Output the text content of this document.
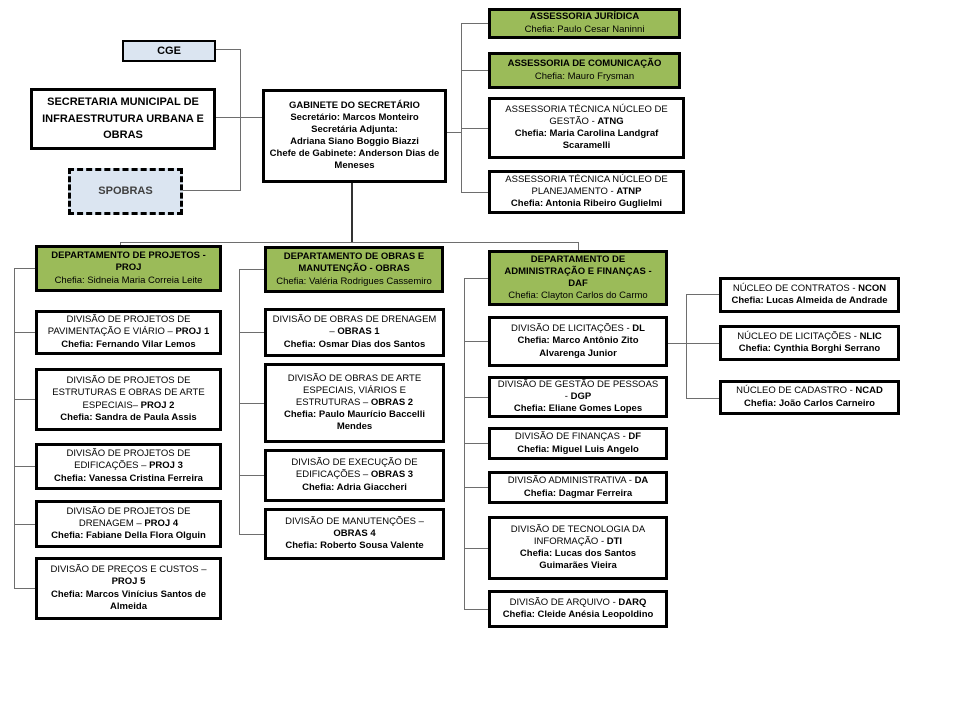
CGE
SECRETARIA MUNICIPAL DE INFRAESTRUTURA URBANA E OBRAS
SPOBRAS
GABINETE DO SECRETÁRIO
Secretário: Marcos Monteiro
Secretária Adjunta:
Adriana Siano Boggio Biazzi
Chefe de Gabinete: Anderson Dias de Meneses
ASSESSORIA JURÍDICA
Chefia: Paulo Cesar Naninni
ASSESSORIA DE COMUNICAÇÃO
Chefia: Mauro Frysman
ASSESSORIA TÉCNICA NÚCLEO DE GESTÃO - ATNG
Chefia: Maria Carolina Landgraf Scaramelli
ASSESSORIA TÉCNICA NÚCLEO DE PLANEJAMENTO - ATNP
Chefia: Antonia Ribeiro Guglielmi
DEPARTAMENTO DE PROJETOS - PROJ
Chefia: Sidneia Maria Correia Leite
DEPARTAMENTO DE OBRAS E MANUTENÇÃO - OBRAS
Chefia: Valéria Rodrigues Cassemiro
DEPARTAMENTO DE ADMINISTRAÇÃO E FINANÇAS - DAF
Chefia: Clayton Carlos do Carmo
DIVISÃO DE PROJETOS DE PAVIMENTAÇÃO E VIÁRIO – PROJ 1
Chefia: Fernando Vilar Lemos
DIVISÃO DE PROJETOS DE ESTRUTURAS E OBRAS DE ARTE ESPECIAIS– PROJ 2
Chefia: Sandra de Paula Assis
DIVISÃO DE PROJETOS DE EDIFICAÇÕES – PROJ 3
Chefia: Vanessa Cristina Ferreira
DIVISÃO DE PROJETOS DE DRENAGEM – PROJ 4
Chefia: Fabiane Della Flora Olguin
DIVISÃO DE PREÇOS E CUSTOS – PROJ 5
Chefia: Marcos Vinícius Santos de Almeida
DIVISÃO DE OBRAS DE DRENAGEM – OBRAS 1
Chefia: Osmar Dias dos Santos
DIVISÃO DE OBRAS DE ARTE ESPECIAIS, VIÁRIOS E ESTRUTURAS – OBRAS 2
Chefia: Paulo Maurício Baccelli Mendes
DIVISÃO DE EXECUÇÃO DE EDIFICAÇÕES – OBRAS 3
Chefia: Adria Giaccheri
DIVISÃO DE MANUTENÇÕES – OBRAS 4
Chefia: Roberto Sousa Valente
DIVISÃO DE LICITAÇÕES - DL
Chefia: Marco Antônio Zito Alvarenga Junior
DIVISÃO DE GESTÃO DE PESSOAS - DGP
Chefia: Eliane Gomes Lopes
DIVISÃO DE FINANÇAS - DF
Chefia: Miguel Luis Angelo
DIVISÃO ADMINISTRATIVA - DA
Chefia: Dagmar Ferreira
DIVISÃO DE TECNOLOGIA DA INFORMAÇÃO - DTI
Chefia: Lucas dos Santos Guimarães Vieira
DIVISÃO DE ARQUIVO - DARQ
Chefia: Cleide Anésia Leopoldino
NÚCLEO DE CONTRATOS - NCON
Chefia: Lucas Almeida de Andrade
NÚCLEO DE LICITAÇÕES - NLIC
Chefia: Cynthia Borghi Serrano
NÚCLEO DE CADASTRO - NCAD
Chefia: João Carlos Carneiro
